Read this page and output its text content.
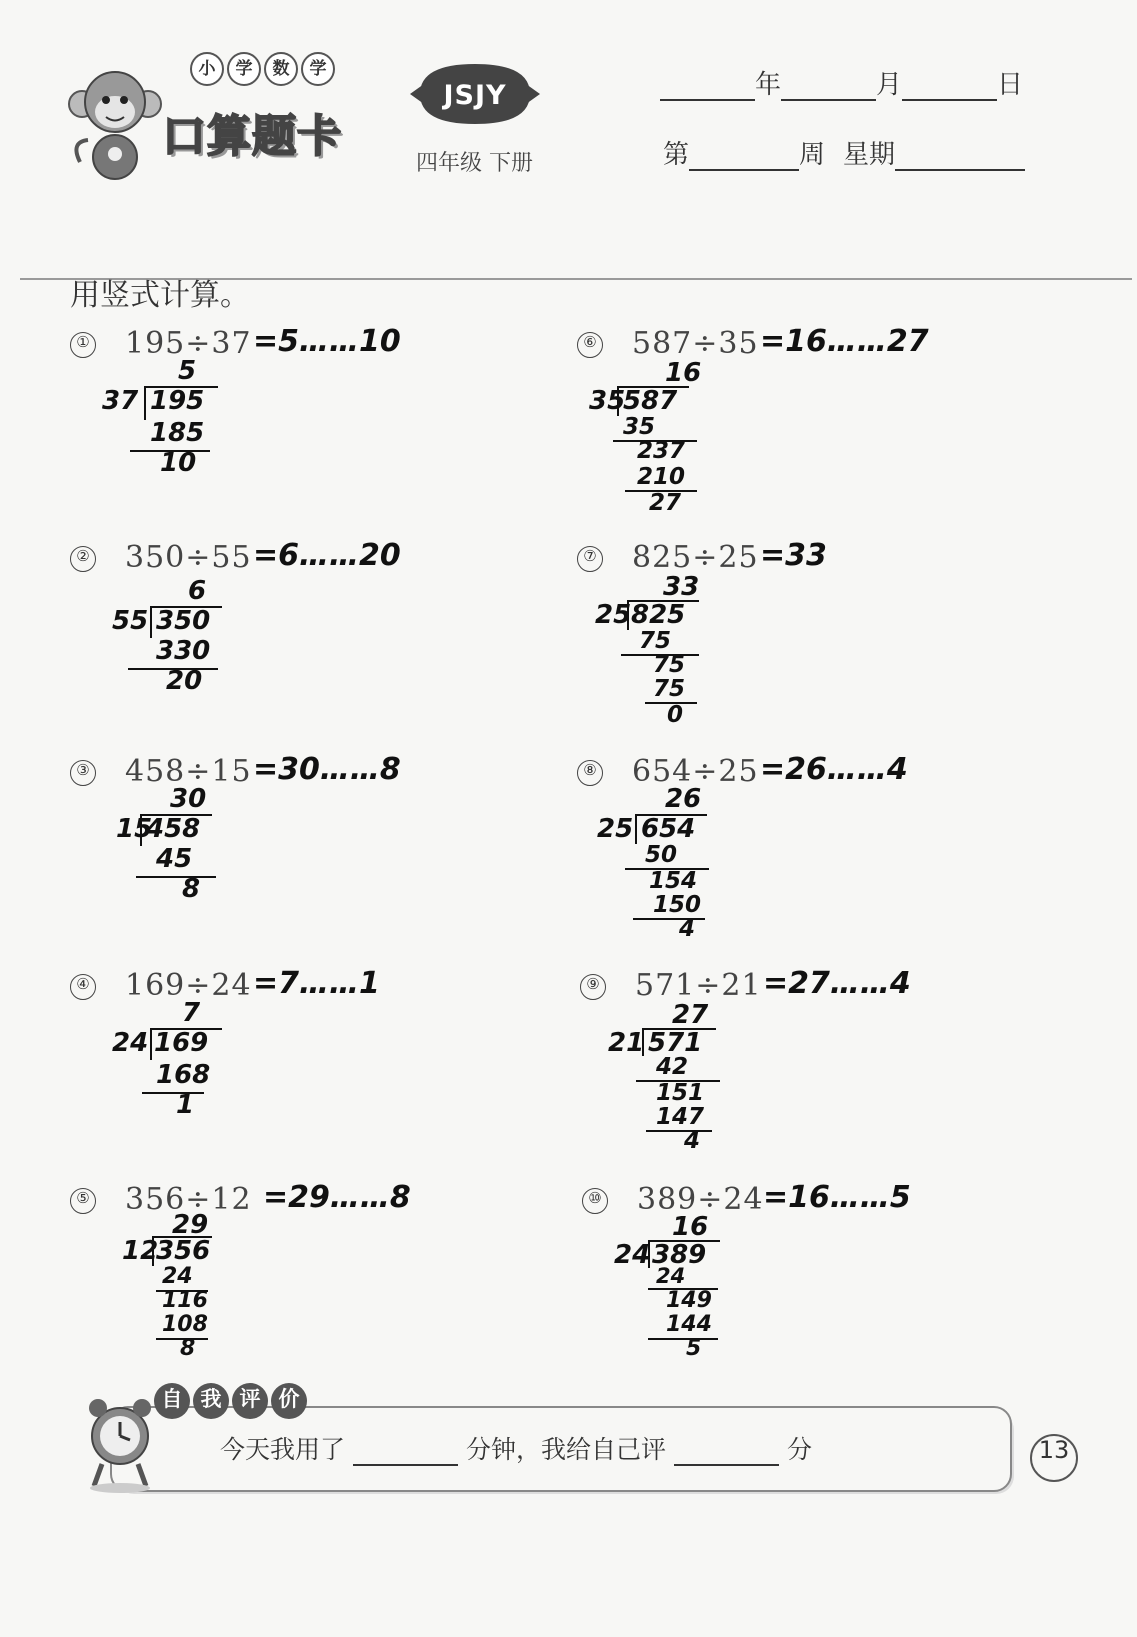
小	学	数	学
口算题卡
JSJY
四年级 下册
年	月	日
第	周 星期
用竖式计算。
① 195÷37 =5……10
5
37 195
185
10
② 350÷55 =6……20
6
55 350
330
20
③ 458÷15 =30……8
30
15
458
45
8
④ 169÷24 =7……1
7
24 169
168
1
⑤ 356÷12 =29……8
29
12
356
24
116
108
8
⑥ 587÷35 =16……27
16
35
587
35
237
210
27
⑦ 825÷25 =33
33
25 825
75
75
75
0
⑧ 654÷25 =26……4
26
25 654
50
154
150
4
⑨ 571÷21 =27……4
27
21 571
42
151
147
4
⑩ 389÷24 =16……5
16
24 389
24
149
144
5
自 我 评 价
今天我用了	分钟，我给自己评	分	13
